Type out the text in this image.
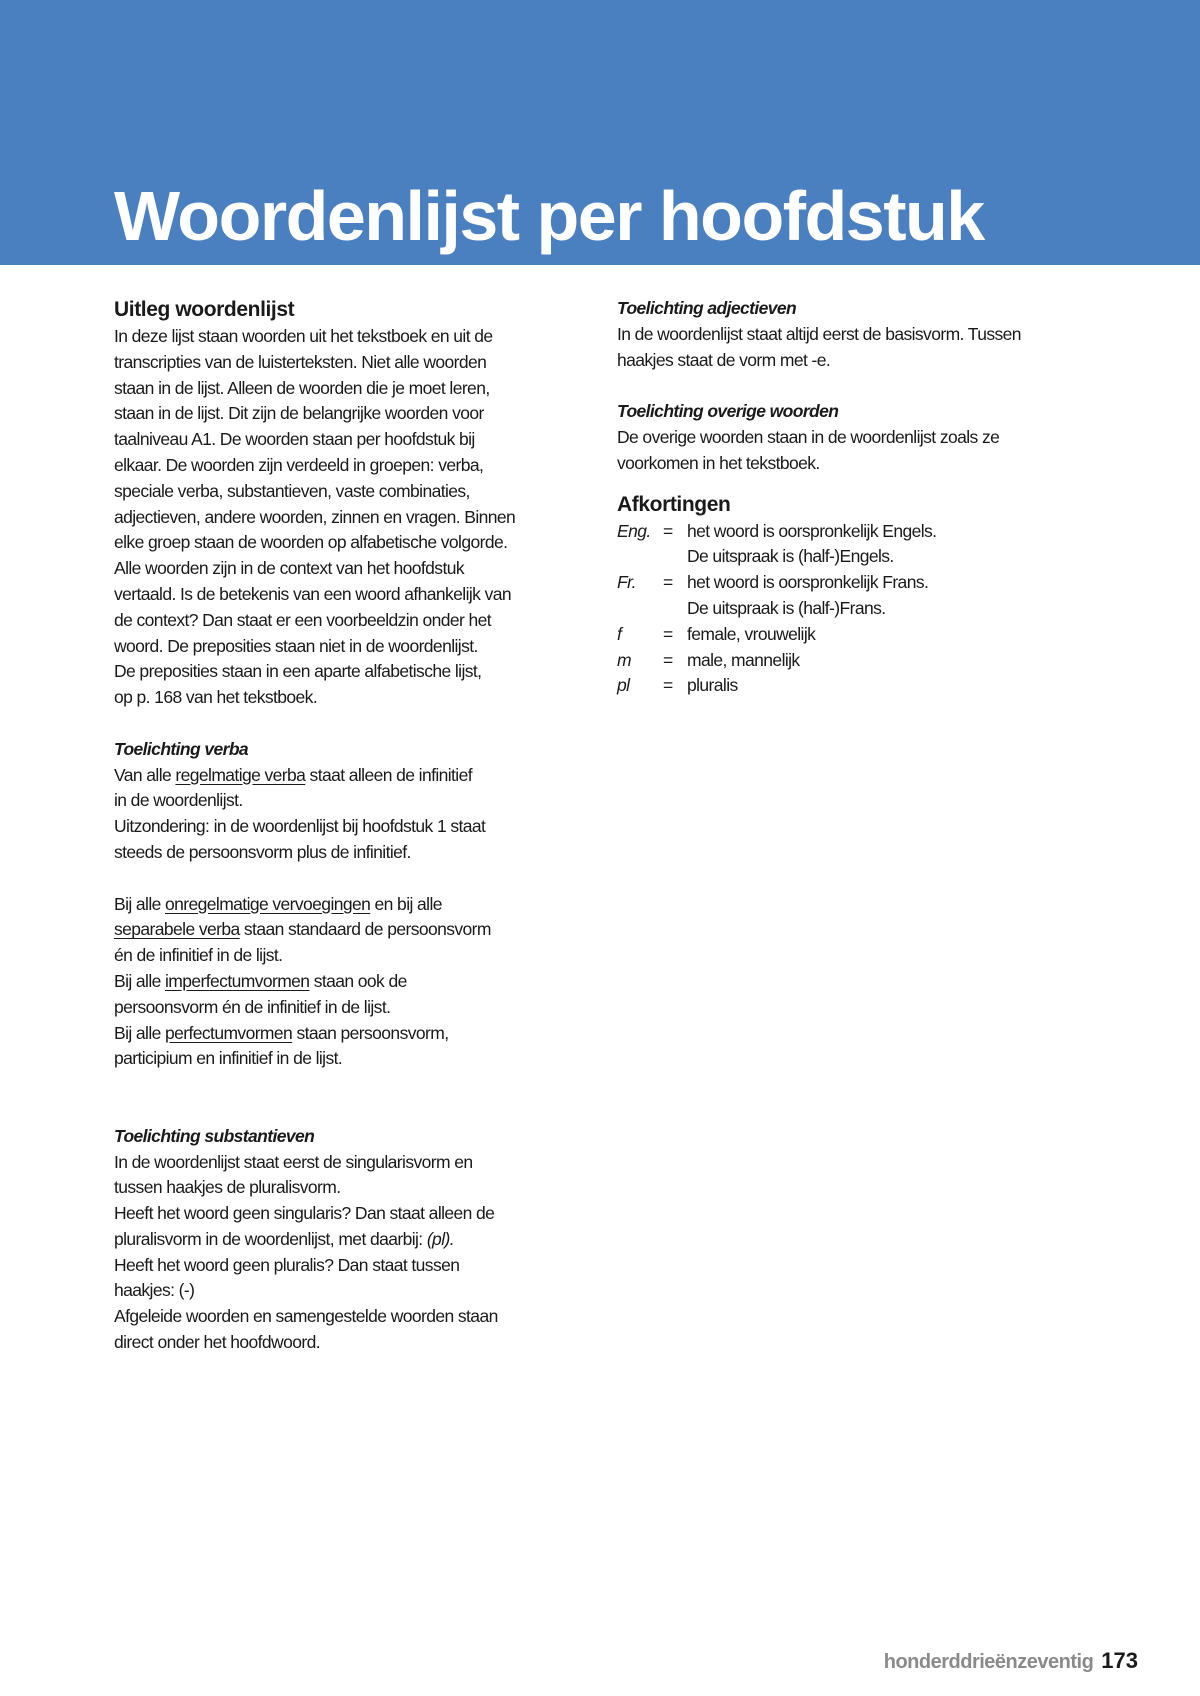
Woordenlijst per hoofdstuk
Uitleg woordenlijst

In deze lijst staan woorden uit het tekstboek en uit de

transcripties van de luisterteksten. Niet alle woorden

staan in de lijst. Alleen de woorden die je moet leren,

staan in de lijst. Dit zijn de belangrijke woorden voor

taalniveau A1. De woorden staan per hoofdstuk bij

elkaar. De woorden zijn verdeeld in groepen: verba,

speciale verba, substantieven, vaste combinaties,

adjectieven, andere woorden, zinnen en vragen. Binnen

elke groep staan de woorden op alfabetische volgorde.

Alle woorden zijn in de context van het hoofdstuk

vertaald. Is de betekenis van een woord afhankelijk van

de context? Dan staat er een voorbeeldzin onder het

woord. De preposities staan niet in de woordenlijst.

De preposities staan in een aparte alfabetische lijst,

op p. 168 van het tekstboek.

Toelichting verba

Van alle regelmatige verba staat alleen de infinitief

in de woordenlijst.

Uitzondering: in de woordenlijst bij hoofdstuk 1 staat

steeds de persoonsvorm plus de infinitief.

Bij alle onregelmatige vervoegingen en bij alle

separabele verba staan standaard de persoonsvorm

én de infinitief in de lijst.

Bij alle imperfectumvormen staan ook de

persoonsvorm én de infinitief in de lijst.

Bij alle perfectumvormen staan persoonsvorm,

participium en infinitief in de lijst.

Toelichting substantieven

In de woordenlijst staat eerst de singularisvorm en

tussen haakjes de pluralisvorm.

Heeft het woord geen singularis? Dan staat alleen de

pluralisvorm in de woordenlijst, met daarbij: (pl).

Heeft het woord geen pluralis? Dan staat tussen

haakjes: (-)

Afgeleide woorden en samengestelde woorden staan

direct onder het hoofdwoord.

Toelichting adjectieven

In de woordenlijst staat altijd eerst de basisvorm. Tussen

haakjes staat de vorm met -e.

Toelichting overige woorden

De overige woorden staan in de woordenlijst zoals ze

voorkomen in het tekstboek.

Afkortingen
Eng. = het woord is oorspronkelijk Engels.
De uitspraak is (half-)Engels.
Fr.	= het woord is oorspronkelijk Frans.
De uitspraak is (half-)Frans.
f	= female, vrouwelijk
m	= male, mannelijk
pl	= pluralis
honderddrieënzeventig 173
